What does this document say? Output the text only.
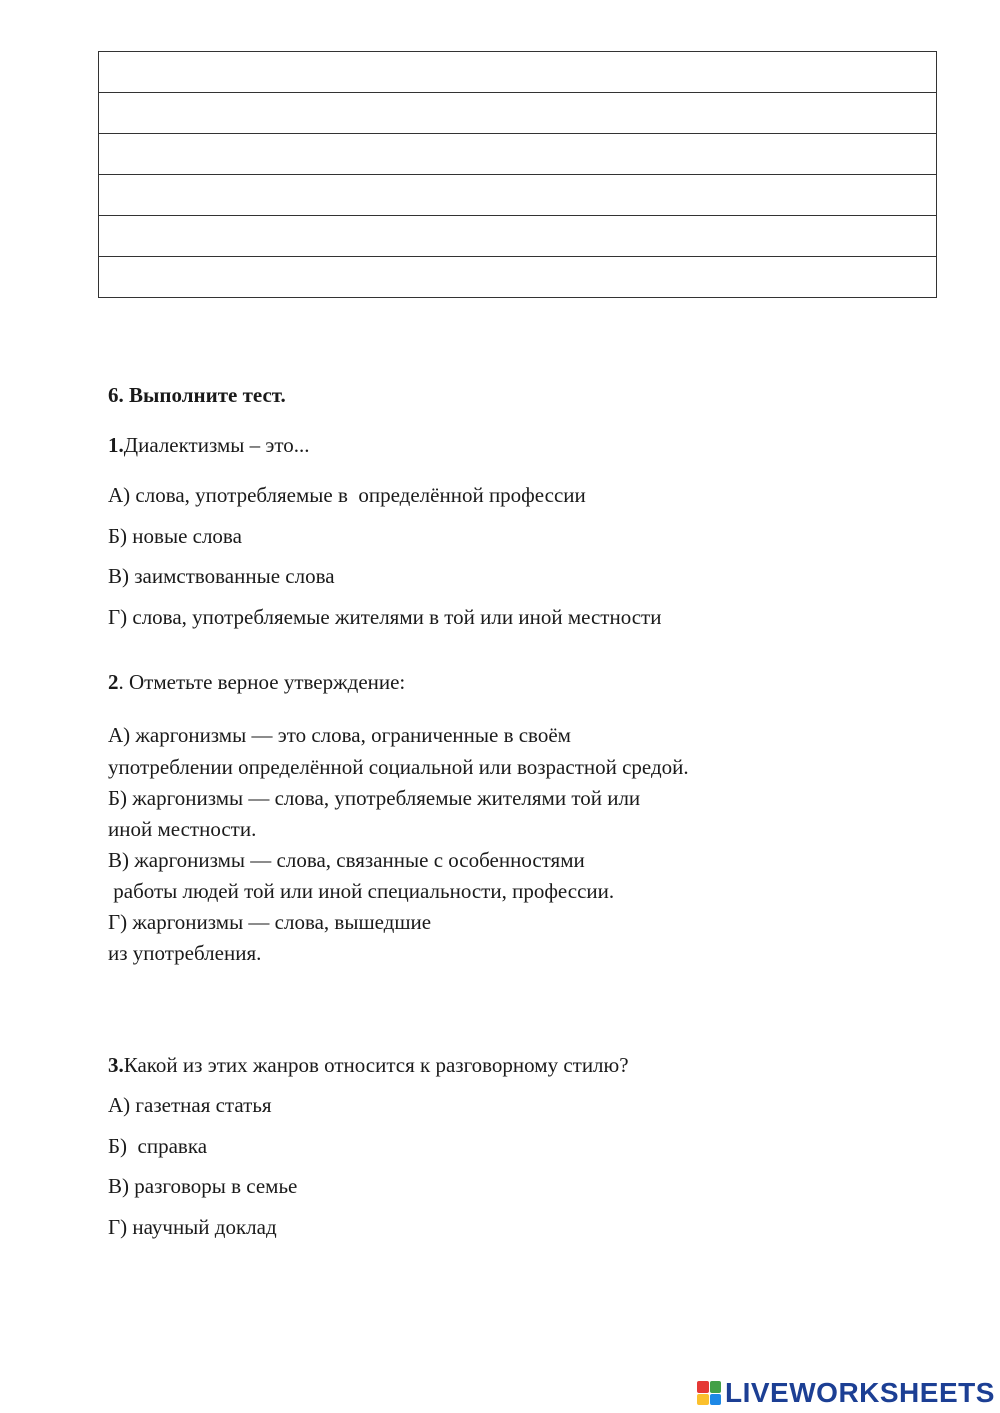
6. Выполните тест.
1.Диалектизмы – это...
А) слова, употребляемые в  определённой профессии
Б) новые слова
В) заимствованные слова
Г) слова, употребляемые жителями в той или иной местности
2. Отметьте верное утверждение:
А) жаргонизмы — это слова, ограниченные в своём
употреблении определённой социальной или возрастной средой.
Б) жаргонизмы — слова, употребляемые жителями той или
иной местности.
В) жаргонизмы — слова, связанные с особенностями
работы людей той или иной специальности, профессии.
Г) жаргонизмы — слова, вышедшие
из употребления.
3.Какой из этих жанров относится к разговорному стилю?
А) газетная статья
Б)  справка
В) разговоры в семье
Г) научный доклад
LIVEWORKSHEETS
